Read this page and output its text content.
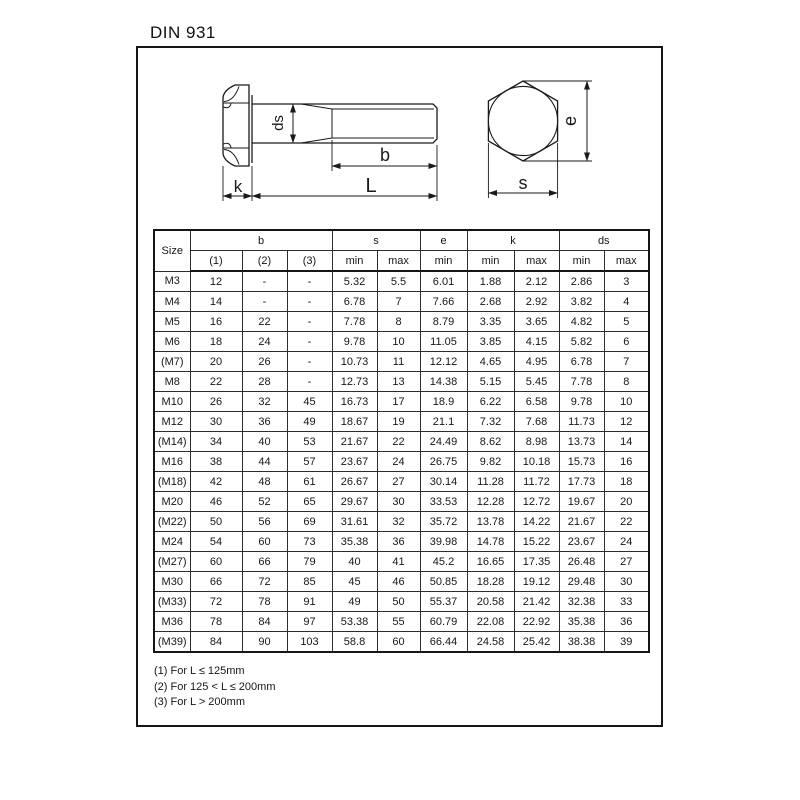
DIN 931
ds
b
L
k
e
s
Size	b			s		e	k		ds	
	(1)	(2)	(3)	min	max	min	min	max	min	max
M3	12	-	-	5.32	5.5	6.01	1.88	2.12	2.86	3
M4	14	-	-	6.78	7	7.66	2.68	2.92	3.82	4
M5	16	22	-	7.78	8	8.79	3.35	3.65	4.82	5
M6	18	24	-	9.78	10	11.05	3.85	4.15	5.82	6
(M7)	20	26	-	10.73	11	12.12	4.65	4.95	6.78	7
M8	22	28	-	12.73	13	14.38	5.15	5.45	7.78	8
M10	26	32	45	16.73	17	18.9	6.22	6.58	9.78	10
M12	30	36	49	18.67	19	21.1	7.32	7.68	11.73	12
(M14)	34	40	53	21.67	22	24.49	8.62	8.98	13.73	14
M16	38	44	57	23.67	24	26.75	9.82	10.18	15.73	16
(M18)	42	48	61	26.67	27	30.14	11.28	11.72	17.73	18
M20	46	52	65	29.67	30	33.53	12.28	12.72	19.67	20
(M22)	50	56	69	31.61	32	35.72	13.78	14.22	21.67	22
M24	54	60	73	35.38	36	39.98	14.78	15.22	23.67	24
(M27)	60	66	79	40	41	45.2	16.65	17.35	26.48	27
M30	66	72	85	45	46	50.85	18.28	19.12	29.48	30
(M33)	72	78	91	49	50	55.37	20.58	21.42	32.38	33
M36	78	84	97	53.38	55	60.79	22.08	22.92	35.38	36
(M39)	84	90	103	58.8	60	66.44	24.58	25.42	38.38	39
(1) For L ≤ 125mm
(2) For 125 < L ≤ 200mm
(3) For L > 200mm
